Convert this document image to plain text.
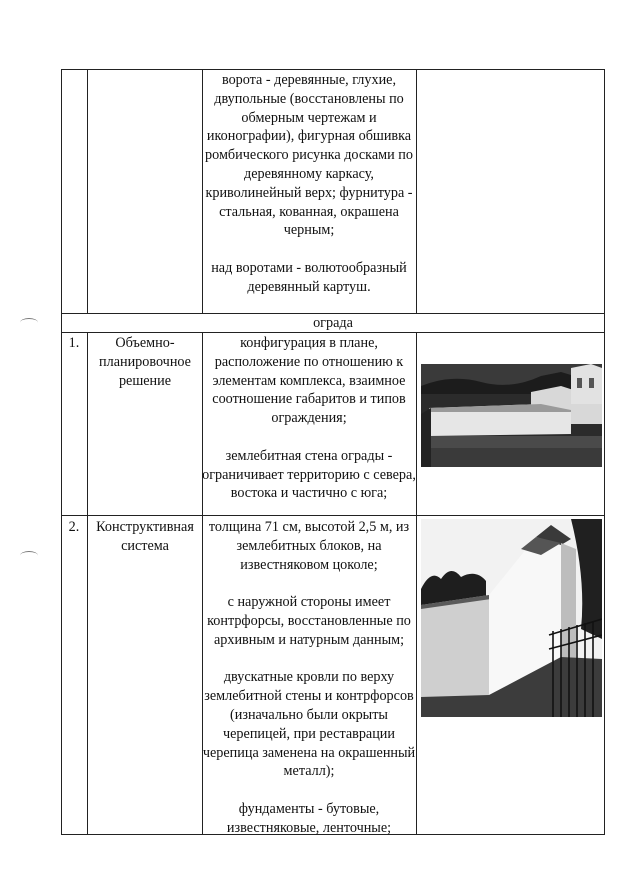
ворота - деревянные, глухие,
двупольные (восстановлены по
обмерным чертежам и
иконографии), фигурная обшивка
ромбического рисунка досками по
деревянному каркасу,
криволинейный верх; фурнитура -
стальная, кованная, окрашена
черным;
над воротами - волютообразный
деревянный картуш.
ограда
1.	Объемно-
планировочное
решение
конфигурация в плане,
расположение по отношению к
элементам комплекса, взаимное
соотношение габаритов и типов
ограждения;
землебитная стена ограды -
ограничивает территорию с севера,
востока и частично с юга;
2.	Конструктивная
система
толщина 71 см, высотой 2,5 м, из
землебитных блоков, на
известняковом цоколе;
с наружной стороны имеет
контрфорсы, восстановленные по
архивным и натурным данным;
двускатные кровли по верху
землебитной стены и контрфорсов
(изначально были окрыты
черепицей, при реставрации
черепица заменена на окрашенный
металл);
фундаменты - бутовые,
известняковые, ленточные;
